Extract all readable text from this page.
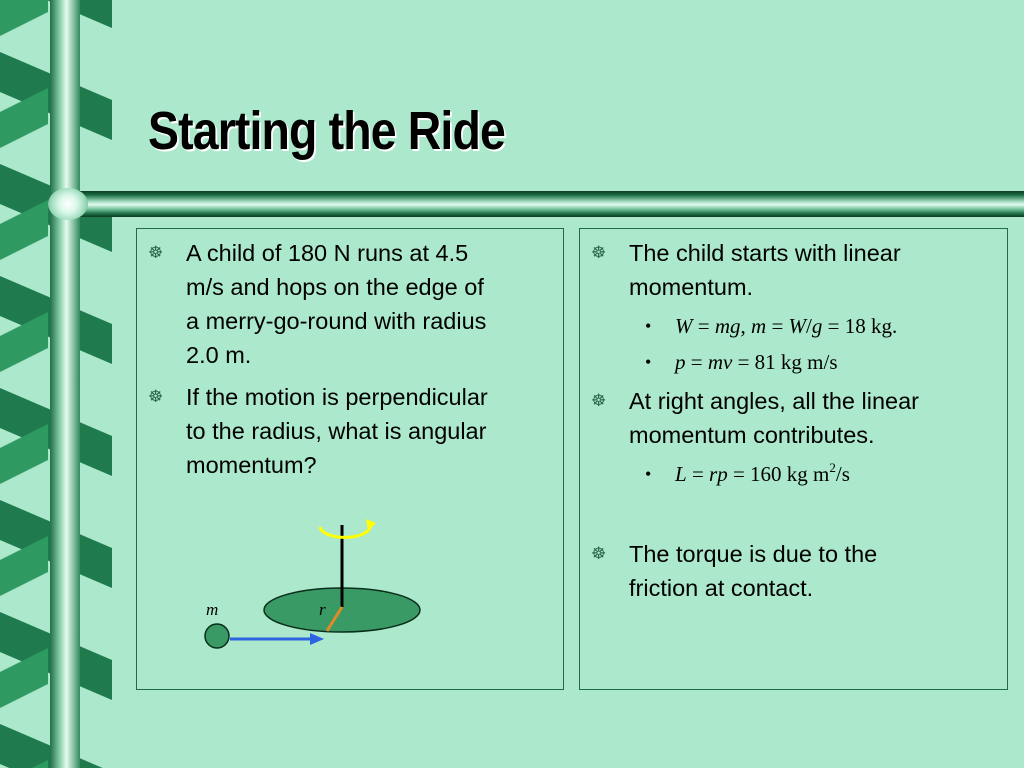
Starting the Ride
☸ A child of 180 N runs at 4.5
m/s and hops on the edge of
a merry-go-round with radius
2.0 m.
☸ If the motion is perpendicular
to the radius, what is angular
momentum?
r
m
☸ The child starts with linear
momentum.
• W = mg, m = W/g = 18 kg.
• p = mv = 81 kg m/s
☸ At right angles, all the linear
momentum contributes.
• L = rp = 160 kg $m^2/s$
☸ The torque is due to the
friction at contact.
